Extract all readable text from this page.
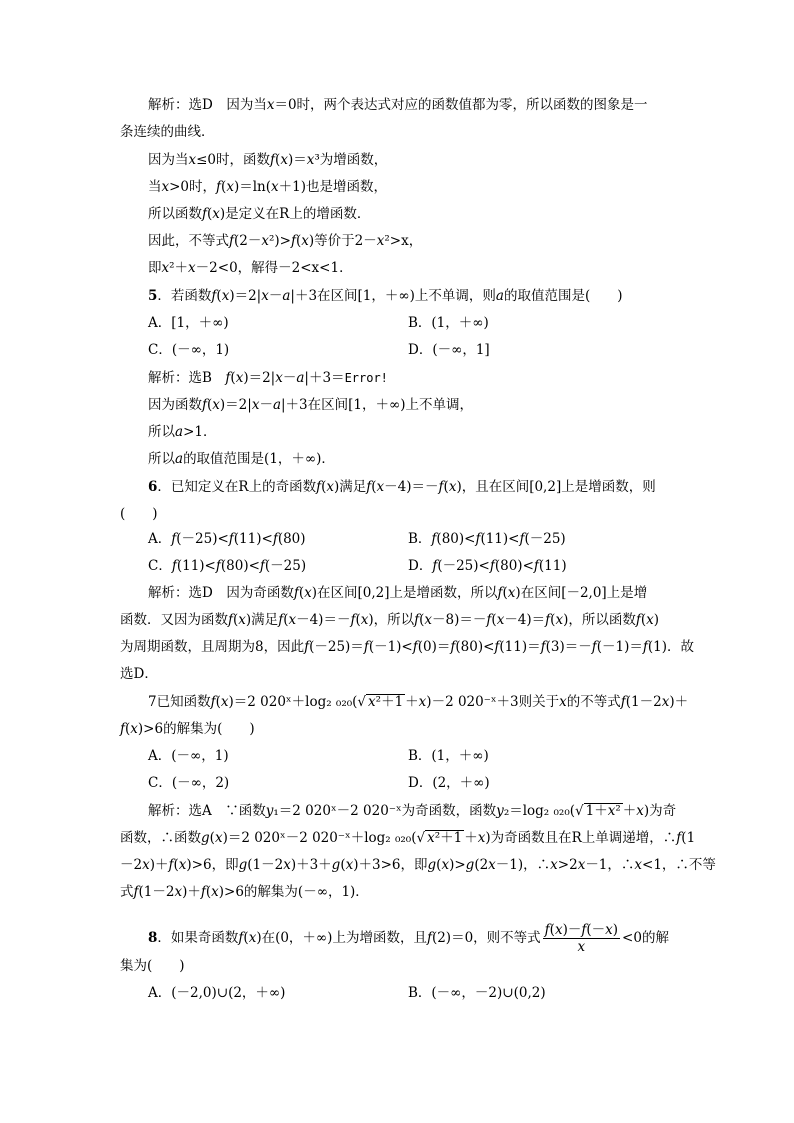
解析：选D　因为当x＝0时，两个表达式对应的函数值都为零，所以函数的图象是一
条连续的曲线．
因为当x≤0时，函数f(x)＝x³为增函数，
当x>0时，f(x)＝ln(x＋1)也是增函数，
所以函数f(x)是定义在R上的增函数．
因此，不等式f(2－x²)>f(x)等价于2－x²>x，
即x²＋x－2<0，解得－2<x<1．
5．若函数f(x)＝2|x－a|＋3在区间[1，＋∞)上不单调，则a的取值范围是(　　)
A．[1，＋∞)	B．(1，＋∞)
C．(－∞，1)	D．(－∞，1]
解析：选B　f(x)＝2|x－a|＋3＝Error!
因为函数f(x)＝2|x－a|＋3在区间[1，＋∞)上不单调，
所以a>1．
所以a的取值范围是(1，＋∞)．
6．已知定义在R上的奇函数f(x)满足f(x－4)＝－f(x)，且在区间[0,2]上是增函数，则
(　　)
A．f(－25)<f(11)<f(80)	B．f(80)<f(11)<f(－25)
C．f(11)<f(80)<f(－25)	D．f(－25)<f(80)<f(11)
解析：选D　因为奇函数f(x)在区间[0,2]上是增函数，所以f(x)在区间[－2,0]上是增
函数．又因为函数f(x)满足f(x－4)＝－f(x)，所以f(x－8)＝－f(x－4)＝f(x)，所以函数f(x)
为周期函数，且周期为8，因此f(－25)＝f(－1)<f(0)＝f(80)<f(11)＝f(3)＝－f(－1)＝f(1)．故
选D．
7已知函数f(x)＝2 020ˣ＋log₂ ₀₂₀(√ x²＋1 ＋x)－2 020⁻ˣ＋3则关于x的不等式f(1－2x)＋
f(x)>6的解集为(　　)
A．(－∞，1)	B．(1，＋∞)
C．(－∞，2)	D．(2，＋∞)
解析：选A　∵函数y₁＝2 020ˣ－2 020⁻ˣ为奇函数，函数y₂＝log₂ ₀₂₀(√ 1＋x² ＋x)为奇
函数，∴函数g(x)＝2 020ˣ－2 020⁻ˣ＋log₂ ₀₂₀(√ x²＋1 ＋x)为奇函数且在R上单调递增，∴f(1
－2x)＋f(x)>6，即g(1－2x)＋3＋g(x)＋3>6，即g(x)>g(2x－1)，∴x>2x－1，∴x<1，∴不等
式f(1－2x)＋f(x)>6的解集为(－∞，1)．
8．如果奇函数f(x)在(0，＋∞)上为增函数，且f(2)＝0，则不等式 $\frac{f(x)-f(-x)}{x} <0$的解
集为(　　)
A．(－2,0)∪(2，＋∞)	B．(－∞，－2)∪(0,2)
